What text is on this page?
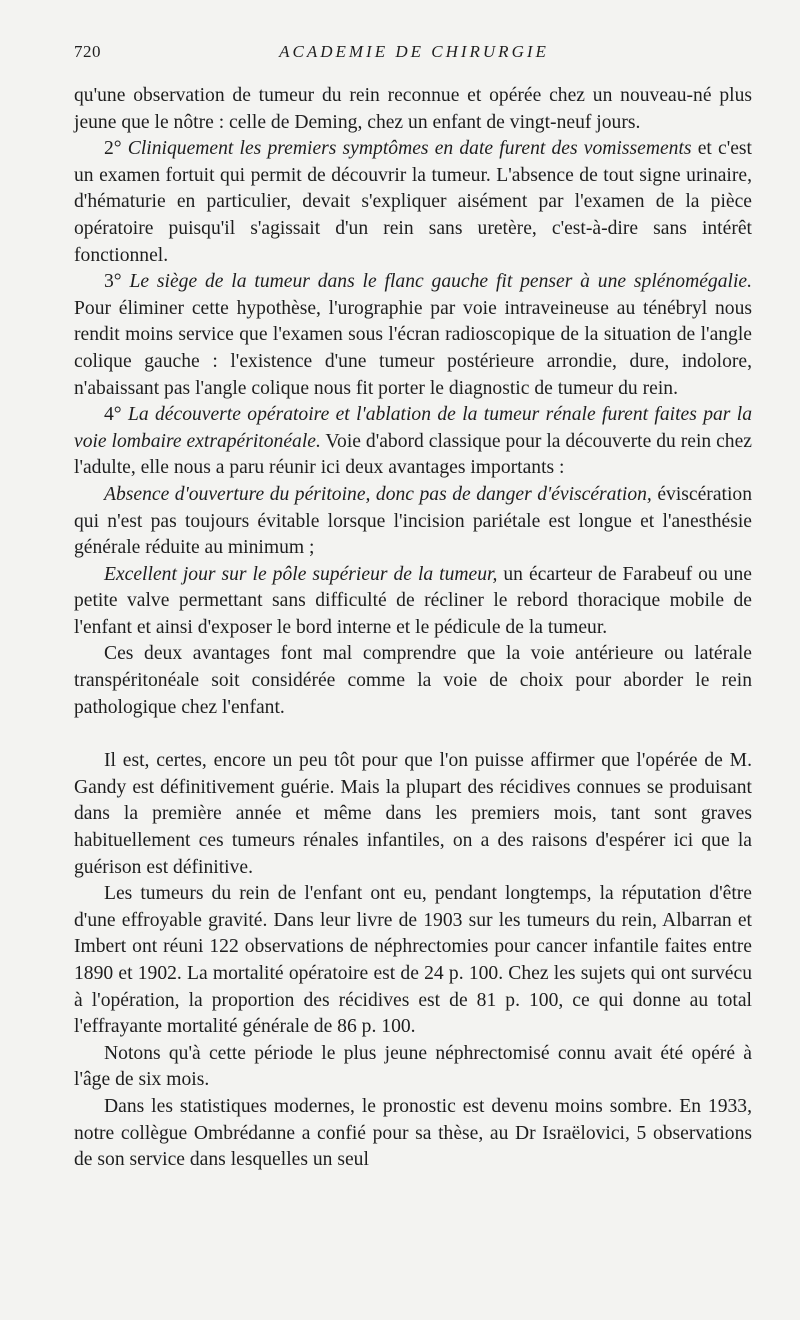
720	ACADEMIE DE CHIRURGIE

qu'une observation de tumeur du rein reconnue et opérée chez un nouveau-né plus jeune que le nôtre : celle de Deming, chez un enfant de vingt-neuf jours.

2° Cliniquement les premiers symptômes en date furent des vomissements et c'est un examen fortuit qui permit de découvrir la tumeur. L'absence de tout signe urinaire, d'hématurie en particulier, devait s'expliquer aisément par l'examen de la pièce opératoire puisqu'il s'agissait d'un rein sans uretère, c'est-à-dire sans intérêt fonctionnel.

3° Le siège de la tumeur dans le flanc gauche fit penser à une splénomégalie. Pour éliminer cette hypothèse, l'urographie par voie intraveineuse au ténébryl nous rendit moins service que l'examen sous l'écran radioscopique de la situation de l'angle colique gauche : l'existence d'une tumeur postérieure arrondie, dure, indolore, n'abaissant pas l'angle colique nous fit porter le diagnostic de tumeur du rein.

4° La découverte opératoire et l'ablation de la tumeur rénale furent faites par la voie lombaire extrapéritonéale. Voie d'abord classique pour la découverte du rein chez l'adulte, elle nous a paru réunir ici deux avantages importants :

Absence d'ouverture du péritoine, donc pas de danger d'éviscération, éviscération qui n'est pas toujours évitable lorsque l'incision pariétale est longue et l'anesthésie générale réduite au minimum ;

Excellent jour sur le pôle supérieur de la tumeur, un écarteur de Farabeuf ou une petite valve permettant sans difficulté de récliner le rebord thoracique mobile de l'enfant et ainsi d'exposer le bord interne et le pédicule de la tumeur.

Ces deux avantages font mal comprendre que la voie antérieure ou latérale transpéritonéale soit considérée comme la voie de choix pour aborder le rein pathologique chez l'enfant.

Il est, certes, encore un peu tôt pour que l'on puisse affirmer que l'opérée de M. Gandy est définitivement guérie. Mais la plupart des récidives connues se produisant dans la première année et même dans les premiers mois, tant sont graves habituellement ces tumeurs rénales infantiles, on a des raisons d'espérer ici que la guérison est définitive.

Les tumeurs du rein de l'enfant ont eu, pendant longtemps, la réputation d'être d'une effroyable gravité. Dans leur livre de 1903 sur les tumeurs du rein, Albarran et Imbert ont réuni 122 observations de néphrectomies pour cancer infantile faites entre 1890 et 1902. La mortalité opératoire est de 24 p. 100. Chez les sujets qui ont survécu à l'opération, la proportion des récidives est de 81 p. 100, ce qui donne au total l'effrayante mortalité générale de 86 p. 100.

Notons qu'à cette période le plus jeune néphrectomisé connu avait été opéré à l'âge de six mois.

Dans les statistiques modernes, le pronostic est devenu moins sombre. En 1933, notre collègue Ombrédanne a confié pour sa thèse, au Dr Israëlovici, 5 observations de son service dans lesquelles un seul
